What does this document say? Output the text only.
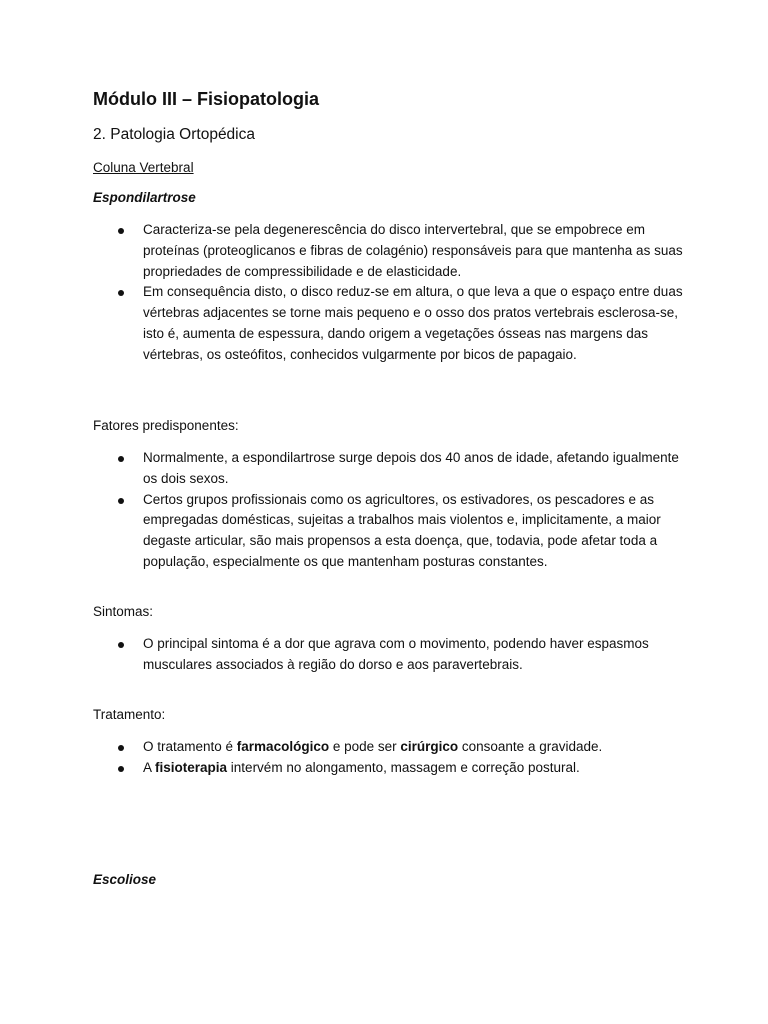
Módulo III – Fisiopatologia
2. Patologia Ortopédica
Coluna Vertebral
Espondilartrose
Caracteriza-se pela degenerescência do disco intervertebral, que se empobrece em proteínas (proteoglicanos e fibras de colagénio) responsáveis para que mantenha as suas propriedades de compressibilidade e de elasticidade.
Em consequência disto, o disco reduz-se em altura, o que leva a que o espaço entre duas vértebras adjacentes se torne mais pequeno e o osso dos pratos vertebrais esclerosa-se, isto é, aumenta de espessura, dando origem a vegetações ósseas nas margens das vértebras, os osteófitos, conhecidos vulgarmente por bicos de papagaio.
Fatores predisponentes:
Normalmente, a espondilartrose surge depois dos 40 anos de idade, afetando igualmente os dois sexos.
Certos grupos profissionais como os agricultores, os estivadores, os pescadores e as empregadas domésticas, sujeitas a trabalhos mais violentos e, implicitamente, a maior degaste articular, são mais propensos a esta doença, que, todavia, pode afetar toda a população, especialmente os que mantenham posturas constantes.
Sintomas:
O principal sintoma é a dor que agrava com o movimento, podendo haver espasmos musculares associados à região do dorso e aos paravertebrais.
Tratamento:
O tratamento é farmacológico e pode ser cirúrgico consoante a gravidade.
A fisioterapia intervém no alongamento, massagem e correção postural.
Escoliose
